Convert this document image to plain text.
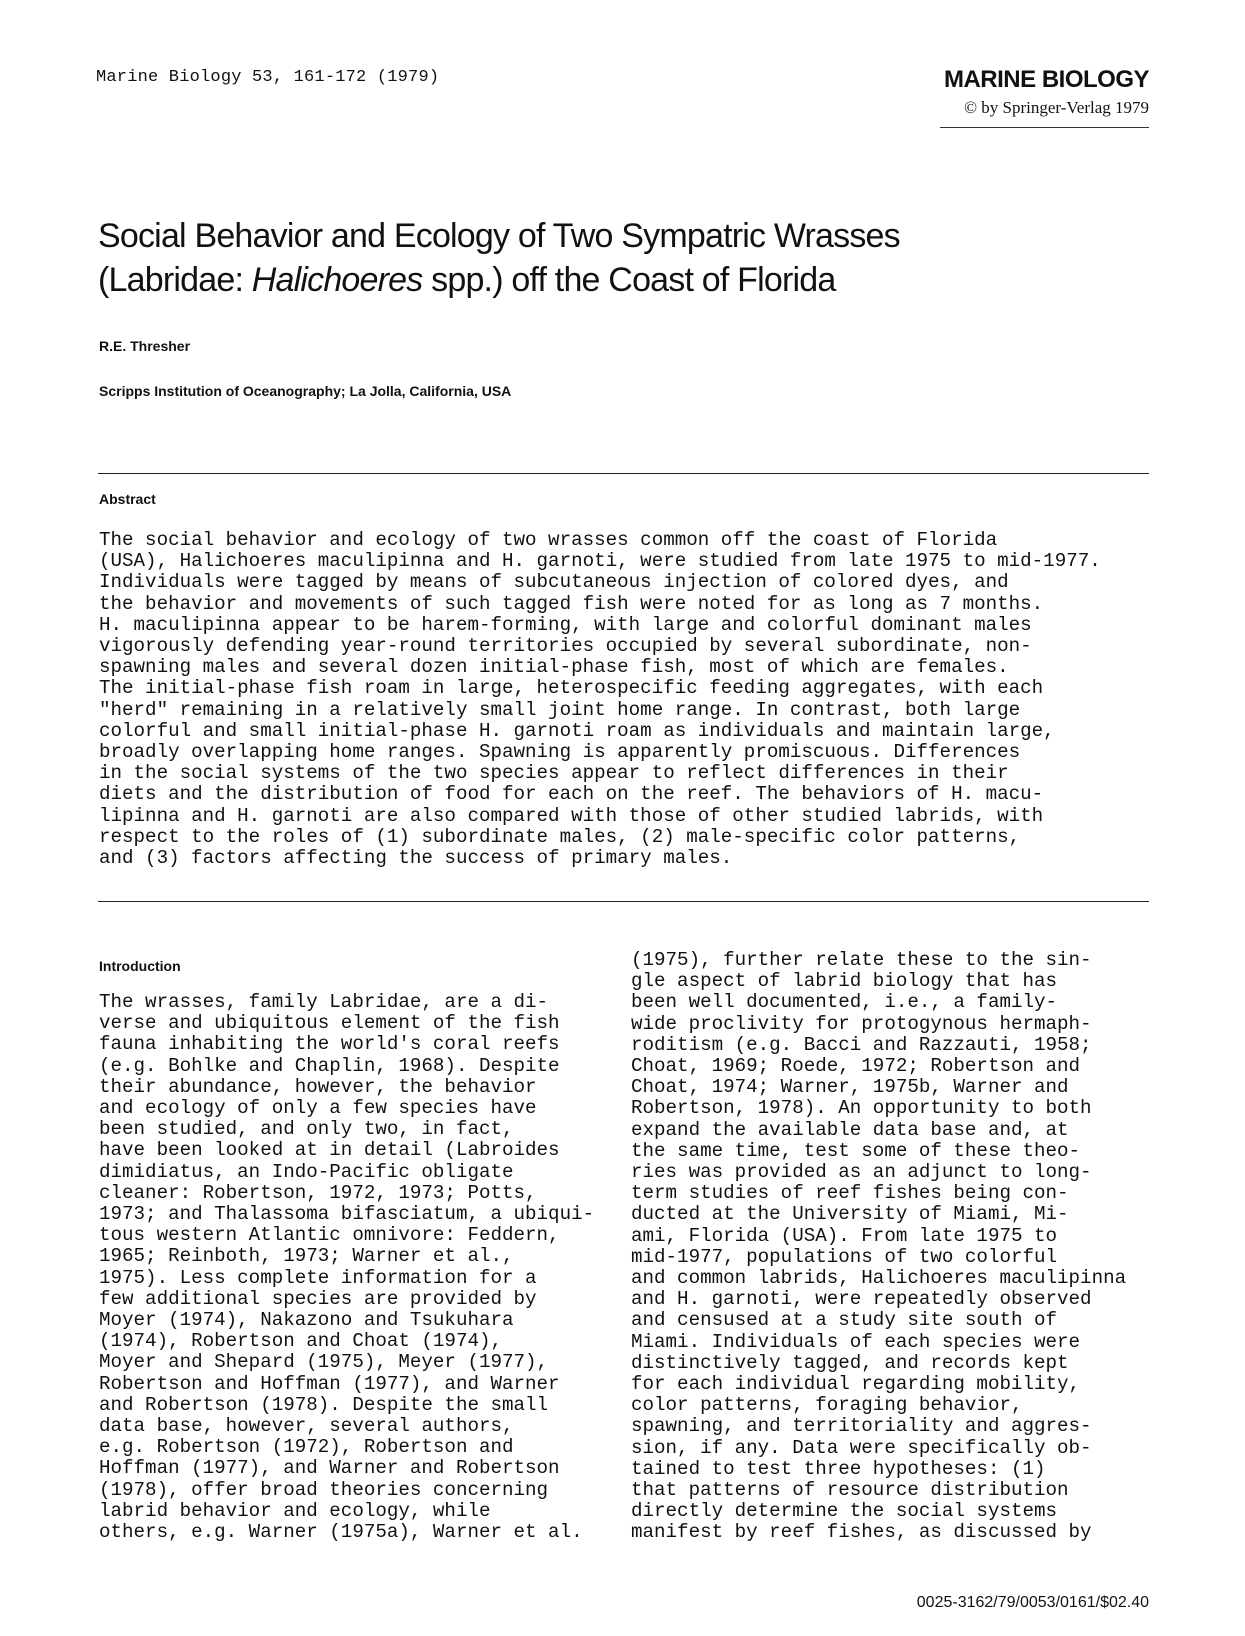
Marine Biology 53, 161-172 (1979)	MARINE BIOLOGY
© by Springer-Verlag 1979
Social Behavior and Ecology of Two Sympatric Wrasses
(Labridae: Halichoeres spp.) off the Coast of Florida
R.E. Thresher
Scripps Institution of Oceanography; La Jolla, California, USA
Abstract
The social behavior and ecology of two wrasses common off the coast of Florida
(USA), Halichoeres maculipinna and H. garnoti, were studied from late 1975 to mid-1977.
Individuals were tagged by means of subcutaneous injection of colored dyes, and
the behavior and movements of such tagged fish were noted for as long as 7 months.
H. maculipinna appear to be harem-forming, with large and colorful dominant males
vigorously defending year-round territories occupied by several subordinate, non-
spawning males and several dozen initial-phase fish, most of which are females.
The initial-phase fish roam in large, heterospecific feeding aggregates, with each
"herd" remaining in a relatively small joint home range. In contrast, both large
colorful and small initial-phase H. garnoti roam as individuals and maintain large,
broadly overlapping home ranges. Spawning is apparently promiscuous. Differences
in the social systems of the two species appear to reflect differences in their
diets and the distribution of food for each on the reef. The behaviors of H. macu-
lipinna and H. garnoti are also compared with those of other studied labrids, with
respect to the roles of (1) subordinate males, (2) male-specific color patterns,
and (3) factors affecting the success of primary males.
Introduction
The wrasses, family Labridae, are a di-
verse and ubiquitous element of the fish
fauna inhabiting the world's coral reefs
(e.g. Bohlke and Chaplin, 1968). Despite
their abundance, however, the behavior
and ecology of only a few species have
been studied, and only two, in fact,
have been looked at in detail (Labroides
dimidiatus, an Indo-Pacific obligate
cleaner: Robertson, 1972, 1973; Potts,
1973; and Thalassoma bifasciatum, a ubiqui-
tous western Atlantic omnivore: Feddern,
1965; Reinboth, 1973; Warner et al.,
1975). Less complete information for a
few additional species are provided by
Moyer (1974), Nakazono and Tsukuhara
(1974), Robertson and Choat (1974),
Moyer and Shepard (1975), Meyer (1977),
Robertson and Hoffman (1977), and Warner
and Robertson (1978). Despite the small
data base, however, several authors,
e.g. Robertson (1972), Robertson and
Hoffman (1977), and Warner and Robertson
(1978), offer broad theories concerning
labrid behavior and ecology, while
others, e.g. Warner (1975a), Warner et al.
(1975), further relate these to the sin-
gle aspect of labrid biology that has
been well documented, i.e., a family-
wide proclivity for protogynous hermaph-
roditism (e.g. Bacci and Razzauti, 1958;
Choat, 1969; Roede, 1972; Robertson and
Choat, 1974; Warner, 1975b, Warner and
Robertson, 1978). An opportunity to both
expand the available data base and, at
the same time, test some of these theo-
ries was provided as an adjunct to long-
term studies of reef fishes being con-
ducted at the University of Miami, Mi-
ami, Florida (USA). From late 1975 to
mid-1977, populations of two colorful
and common labrids, Halichoeres maculipinna
and H. garnoti, were repeatedly observed
and censused at a study site south of
Miami. Individuals of each species were
distinctively tagged, and records kept
for each individual regarding mobility,
color patterns, foraging behavior,
spawning, and territoriality and aggres-
sion, if any. Data were specifically ob-
tained to test three hypotheses: (1)
that patterns of resource distribution
directly determine the social systems
manifest by reef fishes, as discussed by
0025-3162/79/0053/0161/$02.40
